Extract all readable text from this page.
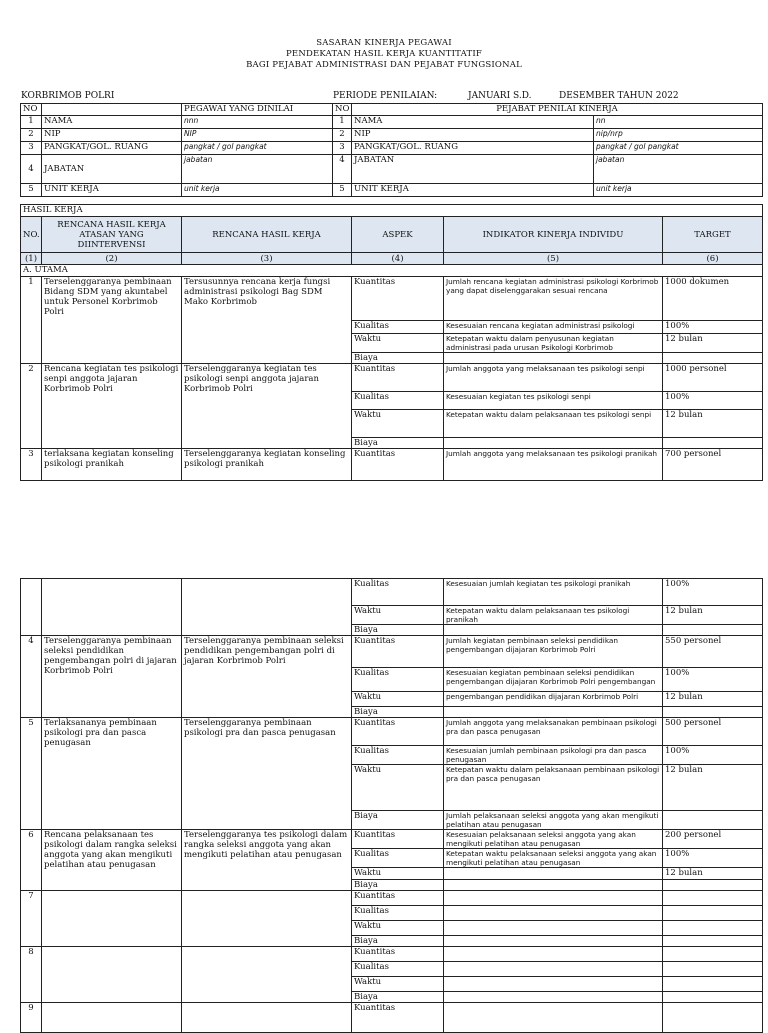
SASARAN KINERJA PEGAWAI
PENDEKATAN HASIL KERJA KUANTITATIF
BAGI PEJABAT ADMINISTRASI DAN PEJABAT FUNGSIONAL
KORBRIMOB POLRI	PERIODE PENILAIAN:	JANUARI S.D.	DESEMBER TAHUN 2022
NO		PEGAWAI YANG DINILAI	NO	PEJABAT PENILAI KINERJA	
1	NAMA	nnn	1	NAMA	nn
2	NIP	NIP	2	NIP	nip/nrp
3	PANGKAT/GOL. RUANG	pangkat / gol pangkat	3	PANGKAT/GOL. RUANG	pangkat / gol pangkat
4	JABATAN	jabatan	4	JABATAN	jabatan
5	UNIT KERJA	unit kerja	5	UNIT KERJA	unit kerja
HASIL KERJA					
NO.	RENCANA HASIL KERJA ATASAN YANG DIINTERVENSI	RENCANA HASIL KERJA	ASPEK	INDIKATOR KINERJA INDIVIDU	TARGET
(1)	(2)	(3)	(4)	(5)	(6)
A. UTAMA					
1	Terselenggaranya pembinaan Bidang SDM yang akuntabel untuk Personel Korbrimob Polri	Tersusunnya rencana kerja fungsi administrasi psikologi Bag SDM Mako Korbrimob	Kuantitas	Jumlah rencana kegiatan administrasi psikologi Korbrimob yang dapat diselenggarakan sesuai rencana	1000 dokumen
			Kualitas	Kesesuaian rencana kegiatan administrasi psikologi	100%
			Waktu	Ketepatan waktu dalam penyusunan kegiatan administrasi pada urusan Psikologi Korbrimob	12 bulan
			Biaya		
2	Rencana kegiatan tes psikologi senpi anggota jajaran Korbrimob Polri	Terselenggaranya kegiatan tes psikologi senpi anggota jajaran Korbrimob Polri	Kuantitas	Jumlah anggota yang melaksanaan tes psikologi senpi	1000 personel
			Kualitas	Kesesuaian kegiatan tes psikologi senpi	100%
			Waktu	Ketepatan waktu dalam pelaksanaan tes psikologi senpi	12 bulan
			Biaya		
3	terlaksana kegiatan konseling psikologi pranikah	Terselenggaranya kegiatan konseling psikologi pranikah	Kuantitas	Jumlah anggota yang melaksanaan tes psikologi pranikah	700 personel
			Kualitas	Kesesuaian jumlah kegiatan tes psikologi pranikah	100%
			Waktu	Ketepatan waktu dalam pelaksanaan tes psikologi pranikah	12 bulan
			Biaya		
4	Terselenggaranya pembinaan seleksi pendidikan pengembangan polri di jajaran Korbrimob Polri	Terselenggaranya pembinaan seleksi pendidikan pengembangan polri di jajaran Korbrimob Polri	Kuantitas	Jumlah kegiatan pembinaan seleksi pendidikan pengembangan dijajaran Korbrimob Polri	550 personel
			Kualitas	Kesesuaian kegiatan pembinaan seleksi pendidikan pengembangan dijajaran Korbrimob Polri pengembangan	100%
			Waktu	pengembangan pendidikan dijajaran Korbrimob Polri	12 bulan
			Biaya		
5	Terlaksananya pembinaan psikologi pra dan pasca penugasan	Terselenggaranya pembinaan psikologi pra dan pasca penugasan	Kuantitas	Jumlah anggota yang melaksanakan pembinaan psikologi pra dan pasca penugasan	500 personel
			Kualitas	Kesesuaian jumlah pembinaan psikologi pra dan pasca penugasan	100%
			Waktu	Ketepatan waktu dalam pelaksanaan pembinaan psikologi pra dan pasca penugasan	12 bulan
			Biaya	Jumlah pelaksanaan seleksi anggota yang akan mengikuti pelatihan atau penugasan	
6	Rencana pelaksanaan tes psikologi dalam rangka seleksi anggota yang akan mengikuti pelatihan atau penugasan	Terselenggaranya tes psikologi dalam rangka seleksi anggota yang akan mengikuti pelatihan atau penugasan	Kuantitas	Kesesuaian pelaksanaan seleksi anggota yang akan mengikuti pelatihan atau penugasan	200 personel
			Kualitas	Ketepatan waktu pelaksanaan seleksi anggota yang akan mengikuti pelatihan atau penugasan	100%
			Waktu		12 bulan
			Biaya		
7			Kuantitas		
			Kualitas		
			Waktu		
			Biaya		
8			Kuantitas		
			Kualitas		
			Waktu		
			Biaya		
9			Kuantitas		
